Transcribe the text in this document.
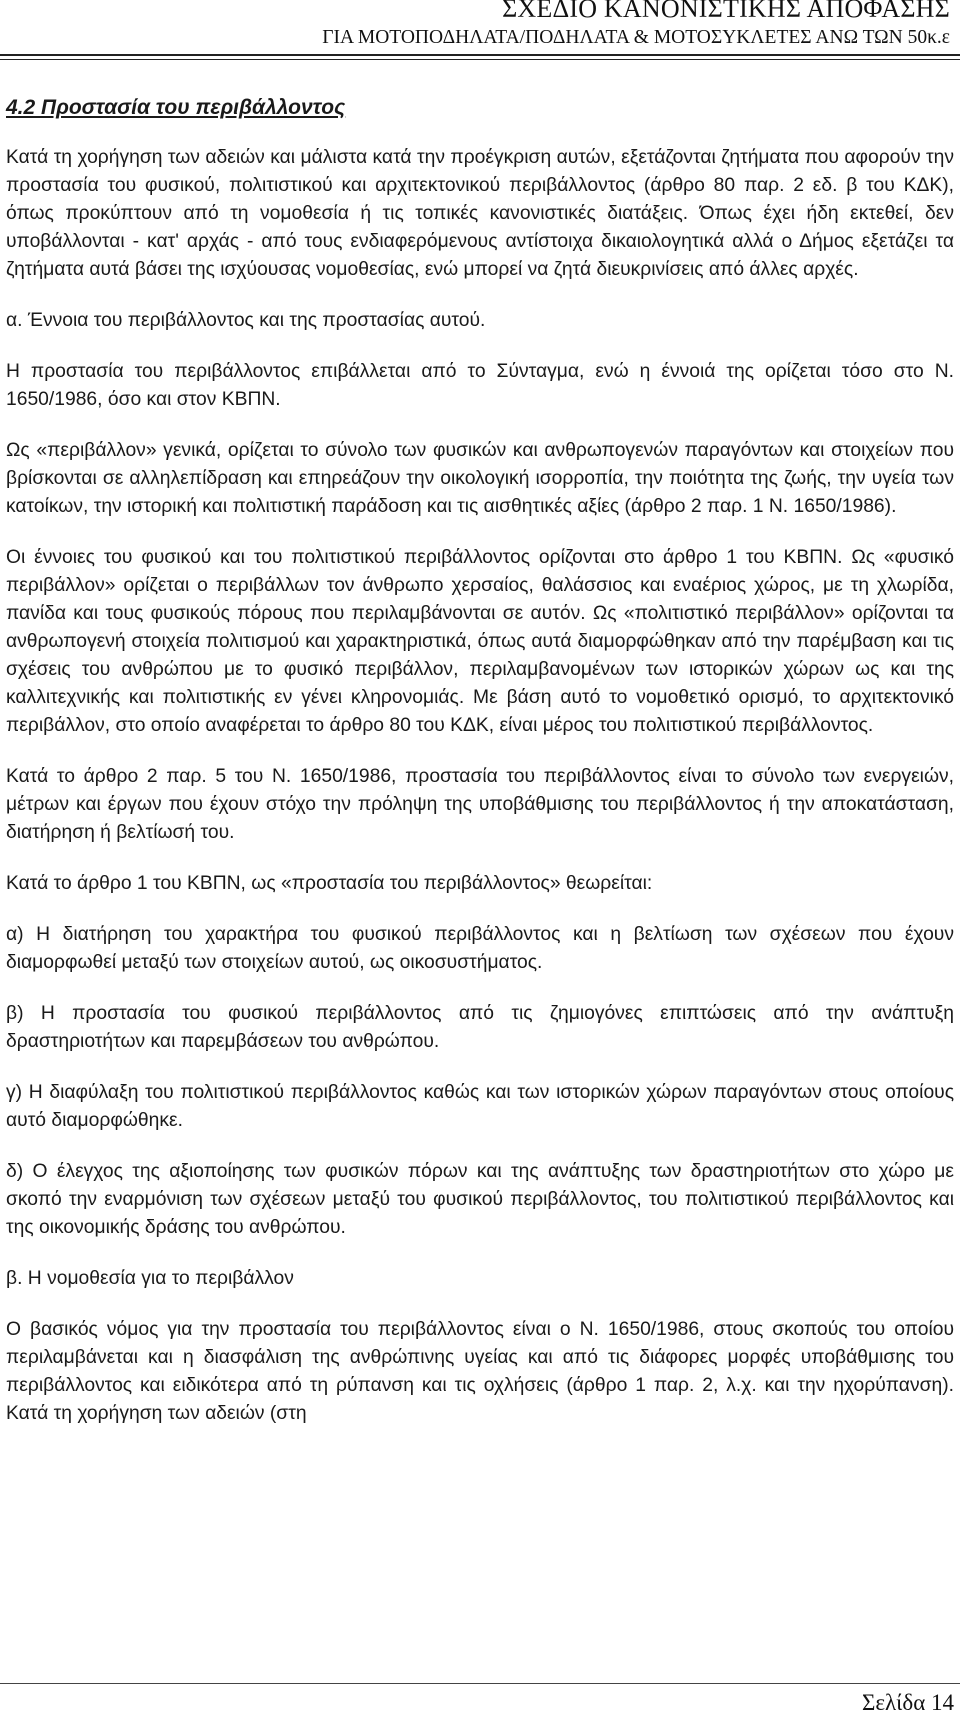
ΣΧΕΔΙΟ ΚΑΝΟΝΙΣΤΙΚΗΣ ΑΠΟΦΑΣΗΣ
ΓΙΑ ΜΟΤΟΠΟΔΗΛΑΤΑ/ΠΟΔΗΛΑΤΑ & ΜΟΤΟΣΥΚΛΕΤΕΣ ΑΝΩ ΤΩΝ 50κ.ε
4.2 Προστασία του περιβάλλοντος

Κατά τη χορήγηση των αδειών και μάλιστα κατά την προέγκριση αυτών, εξετάζονται ζητήματα που αφορούν την προστασία του φυσικού, πολιτιστικού και αρχιτεκτονικού περιβάλλοντος (άρθρο 80 παρ. 2 εδ. β του ΚΔΚ), όπως προκύπτουν από τη νομοθεσία ή τις τοπικές κανονιστικές διατάξεις. Όπως έχει ήδη εκτεθεί, δεν υποβάλλονται - κατ' αρχάς - από τους ενδιαφερόμενους αντίστοιχα δικαιολογητικά αλλά ο Δήμος εξετάζει τα ζητήματα αυτά βάσει της ισχύουσας νομοθεσίας, ενώ μπορεί να ζητά διευκρινίσεις από άλλες αρχές.

α. Έννοια του περιβάλλοντος και της προστασίας αυτού.

Η προστασία του περιβάλλοντος επιβάλλεται από το Σύνταγμα, ενώ η έννοιά της ορίζεται τόσο στο Ν. 1650/1986, όσο και στον ΚΒΠΝ.

Ως «περιβάλλον» γενικά, ορίζεται το σύνολο των φυσικών και ανθρωπογενών παραγόντων και στοιχείων που βρίσκονται σε αλληλεπίδραση και επηρεάζουν την οικολογική ισορροπία, την ποιότητα της ζωής, την υγεία των κατοίκων, την ιστορική και πολιτιστική παράδοση και τις αισθητικές αξίες (άρθρο 2 παρ. 1 Ν. 1650/1986).

Οι έννοιες του φυσικού και του πολιτιστικού περιβάλλοντος ορίζονται στο άρθρο 1 του ΚΒΠΝ. Ως «φυσικό περιβάλλον» ορίζεται ο περιβάλλων τον άνθρωπο χερσαίος, θαλάσσιος και εναέριος χώρος, με τη χλωρίδα, πανίδα και τους φυσικούς πόρους που περιλαμβάνονται σε αυτόν. Ως «πολιτιστικό περιβάλλον» ορίζονται τα ανθρωπογενή στοιχεία πολιτισμού και χαρακτηριστικά, όπως αυτά διαμορφώθηκαν από την παρέμβαση και τις σχέσεις του ανθρώπου με το φυσικό περιβάλλον, περιλαμβανομένων των ιστορικών χώρων ως και της καλλιτεχνικής και πολιτιστικής εν γένει κληρονομιάς. Με βάση αυτό το νομοθετικό ορισμό, το αρχιτεκτονικό περιβάλλον, στο οποίο αναφέρεται το άρθρο 80 του ΚΔΚ, είναι μέρος του πολιτιστικού περιβάλλοντος.

Κατά το άρθρο 2 παρ. 5 του Ν. 1650/1986, προστασία του περιβάλλοντος είναι το σύνολο των ενεργειών, μέτρων και έργων που έχουν στόχο την πρόληψη της υποβάθμισης του περιβάλλοντος ή την αποκατάσταση, διατήρηση ή βελτίωσή του.

Κατά το άρθρο 1 του ΚΒΠΝ, ως «προστασία του περιβάλλοντος» θεωρείται:

α) Η διατήρηση του χαρακτήρα του φυσικού περιβάλλοντος και η βελτίωση των σχέσεων που έχουν διαμορφωθεί μεταξύ των στοιχείων αυτού, ως οικοσυστήματος.

β) Η προστασία του φυσικού περιβάλλοντος από τις ζημιογόνες επιπτώσεις από την ανάπτυξη δραστηριοτήτων και παρεμβάσεων του ανθρώπου.

γ) Η διαφύλαξη του πολιτιστικού περιβάλλοντος καθώς και των ιστορικών χώρων παραγόντων στους οποίους αυτό διαμορφώθηκε.

δ) Ο έλεγχος της αξιοποίησης των φυσικών πόρων και της ανάπτυξης των δραστηριοτήτων στο χώρο με σκοπό την εναρμόνιση των σχέσεων μεταξύ του φυσικού περιβάλλοντος, του πολιτιστικού περιβάλλοντος και της οικονομικής δράσης του ανθρώπου.

β. Η νομοθεσία για το περιβάλλον

Ο βασικός νόμος για την προστασία του περιβάλλοντος είναι ο Ν. 1650/1986, στους σκοπούς του οποίου περιλαμβάνεται και η διασφάλιση της ανθρώπινης υγείας και από τις διάφορες μορφές υποβάθμισης του περιβάλλοντος και ειδικότερα από τη ρύπανση και τις οχλήσεις (άρθρο 1 παρ. 2, λ.χ. και την ηχορύπανση). Κατά τη χορήγηση των αδειών (στη

Σελίδα 14
